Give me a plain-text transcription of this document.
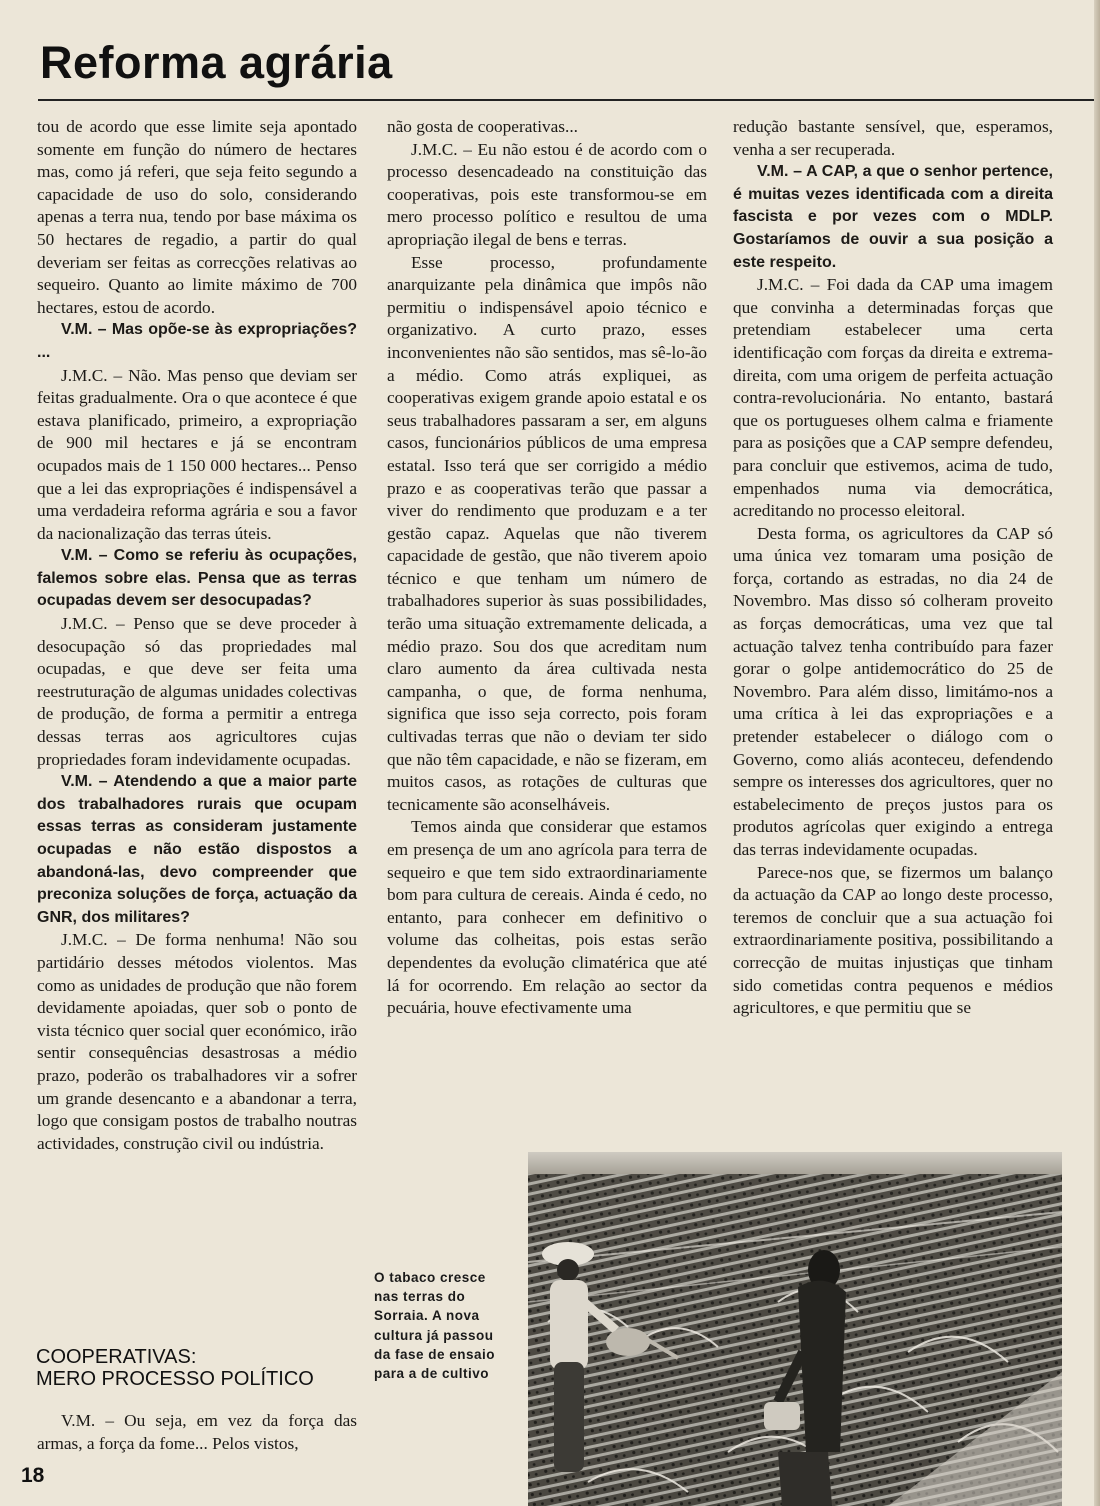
Reforma agrária

tou de acordo que esse limite seja apontado somente em função do número de hectares mas, como já referi, que seja feito segundo a capacidade de uso do solo, considerando apenas a terra nua, tendo por base máxima os 50 hectares de regadio, a partir do qual deveriam ser feitas as correcções relativas ao sequeiro. Quanto ao limite máximo de 700 hectares, estou de acordo.

V.M. – Mas opõe-se às expropriações? ...

J.M.C. – Não. Mas penso que deviam ser feitas gradualmente. Ora o que acontece é que estava planificado, primeiro, a expropriação de 900 mil hectares e já se encontram ocupados mais de 1 150 000 hectares... Penso que a lei das expropriações é indispensável a uma verdadeira reforma agrária e sou a favor da nacionalização das terras úteis.

V.M. – Como se referiu às ocupações, falemos sobre elas. Pensa que as terras ocupadas devem ser desocupadas?

J.M.C. – Penso que se deve proceder à desocupação só das propriedades mal ocupadas, e que deve ser feita uma reestruturação de algumas unidades colectivas de produção, de forma a permitir a entrega dessas terras aos agricultores cujas propriedades foram indevidamente ocupadas.

V.M. – Atendendo a que a maior parte dos trabalhadores rurais que ocupam essas terras as consideram justamente ocupadas e não estão dispostos a abandoná-las, devo compreender que preconiza soluções de força, actuação da GNR, dos militares?

J.M.C. – De forma nenhuma! Não sou partidário desses métodos violentos. Mas como as unidades de produção que não forem devidamente apoiadas, quer sob o ponto de vista técnico quer social quer económico, irão sentir consequências desastrosas a médio prazo, poderão os trabalhadores vir a sofrer um grande desencanto e a abandonar a terra, logo que consigam postos de trabalho noutras actividades, construção civil ou indústria.

não gosta de cooperativas...

J.M.C. – Eu não estou é de acordo com o processo desencadeado na constituição das cooperativas, pois este transformou-se em mero processo político e resultou de uma apropriação ilegal de bens e terras.

Esse processo, profundamente anarquizante pela dinâmica que impôs não permitiu o indispensável apoio técnico e organizativo. A curto prazo, esses inconvenientes não são sentidos, mas sê-lo-ão a médio. Como atrás expliquei, as cooperativas exigem grande apoio estatal e os seus trabalhadores passaram a ser, em alguns casos, funcionários públicos de uma empresa estatal. Isso terá que ser corrigido a médio prazo e as cooperativas terão que passar a viver do rendimento que produzam e a ter gestão capaz. Aquelas que não tiverem capacidade de gestão, que não tiverem apoio técnico e que tenham um número de trabalhadores superior às suas possibilidades, terão uma situação extremamente delicada, a médio prazo. Sou dos que acreditam num claro aumento da área cultivada nesta campanha, o que, de forma nenhuma, significa que isso seja correcto, pois foram cultivadas terras que não o deviam ter sido que não têm capacidade, e não se fizeram, em muitos casos, as rotações de culturas que tecnicamente são aconselháveis.

Temos ainda que considerar que estamos em presença de um ano agrícola para terra de sequeiro e que tem sido extraordinariamente bom para cultura de cereais. Ainda é cedo, no entanto, para conhecer em definitivo o volume das colheitas, pois estas serão dependentes da evolução climatérica que até lá for ocorrendo. Em relação ao sector da pecuária, houve efectivamente uma

redução bastante sensível, que, esperamos, venha a ser recuperada.

V.M. – A CAP, a que o senhor pertence, é muitas vezes identificada com a direita fascista e por vezes com o MDLP. Gostaríamos de ouvir a sua posição a este respeito.

J.M.C. – Foi dada da CAP uma imagem que convinha a determinadas forças que pretendiam estabelecer uma certa identificação com forças da direita e extrema-direita, com uma origem de perfeita actuação contra-revolucionária. No entanto, bastará que os portugueses olhem calma e friamente para as posições que a CAP sempre defendeu, para concluir que estivemos, acima de tudo, empenhados numa via democrática, acreditando no processo eleitoral.

Desta forma, os agricultores da CAP só uma única vez tomaram uma posição de força, cortando as estradas, no dia 24 de Novembro. Mas disso só colheram proveito as forças democráticas, uma vez que tal actuação talvez tenha contribuído para fazer gorar o golpe antidemocrático do 25 de Novembro. Para além disso, limitámo-nos a uma crítica à lei das expropriações e a pretender estabelecer o diálogo com o Governo, como aliás aconteceu, defendendo sempre os interesses dos agricultores, quer no estabelecimento de preços justos para os produtos agrícolas quer exigindo a entrega das terras indevidamente ocupadas.

Parece-nos que, se fizermos um balanço da actuação da CAP ao longo deste processo, teremos de concluir que a sua actuação foi extraordinariamente positiva, possibilitando a correcção de muitas injustiças que tinham sido cometidas contra pequenos e médios agricultores, e que permitiu que se

COOPERATIVAS:
MERO PROCESSO POLÍTICO

V.M. – Ou seja, em vez da força das armas, a força da fome... Pelos vistos,

O tabaco cresce nas terras do Sorraia. A nova cultura já passou da fase de ensaio para a de cultivo
18
